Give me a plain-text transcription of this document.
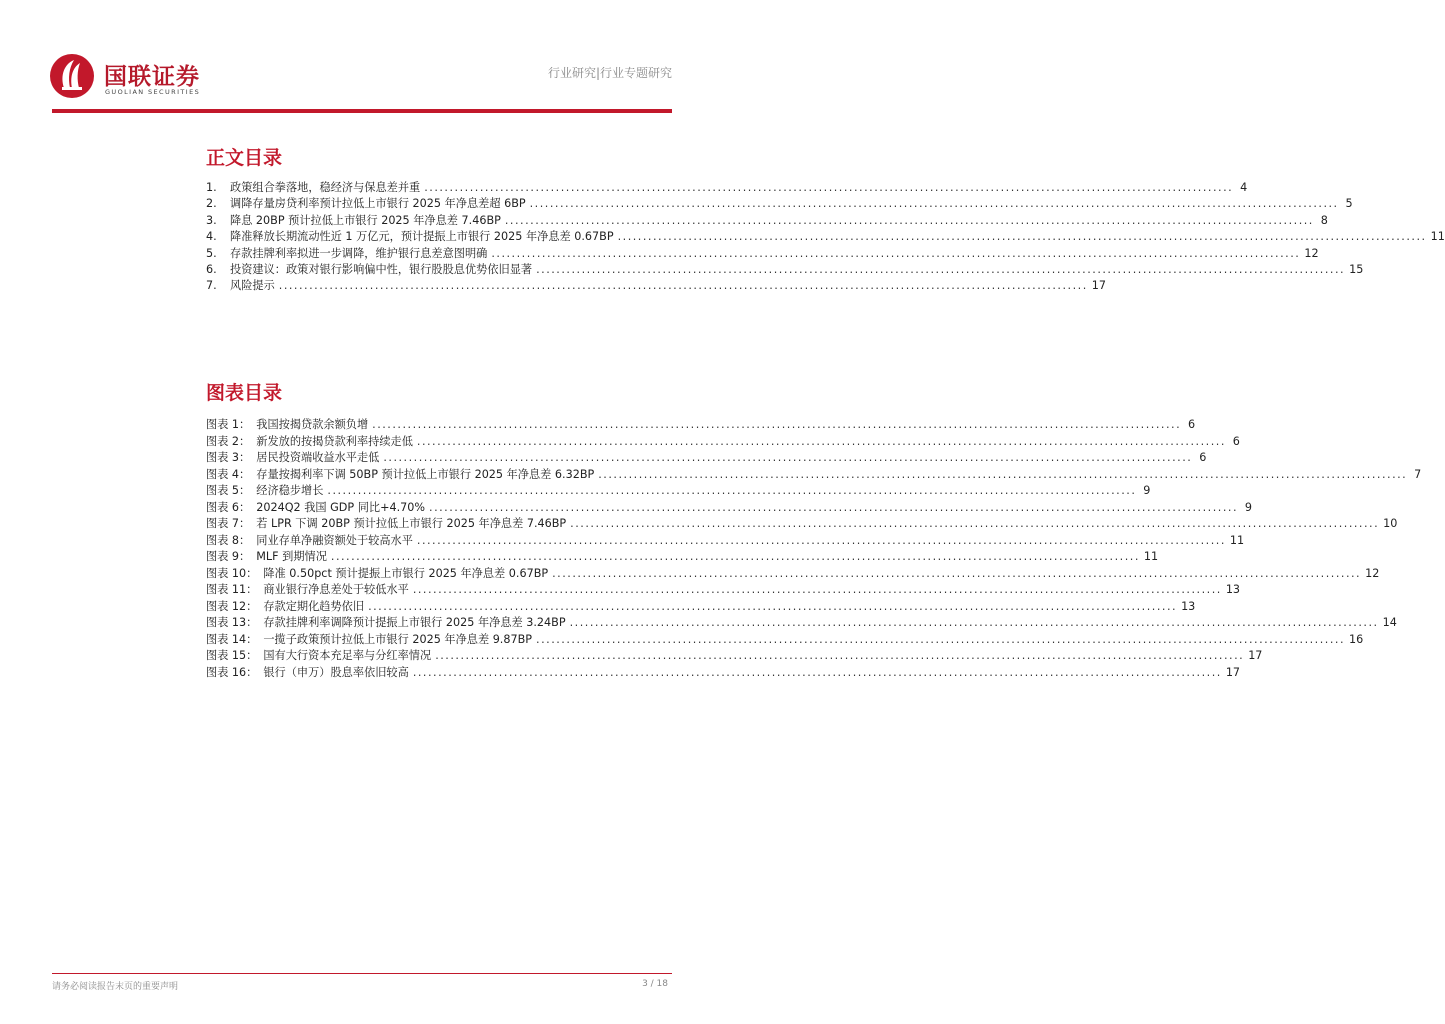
国联证券
GUOLIAN SECURITIES
行业研究|行业专题研究
正文目录
1.	政策组合拳落地，稳经济与保息差并重 .....	4
2.	调降存量房贷利率预计拉低上市银行 2025 年净息差超 6BP .....	5
3.	降息 20BP 预计拉低上市银行 2025 年净息差 7.46BP .....	8
4.	降准释放长期流动性近 1 万亿元，预计提振上市银行 2025 年净息差 0.67BP .....	11
5.	存款挂牌利率拟进一步调降，维护银行息差意图明确 .....	12
6.	投资建议：政策对银行影响偏中性，银行股股息优势依旧显著 .....	15
7.	风险提示 .....	17
图表目录
图表 1： 我国按揭贷款余额负增 .....	6
图表 2： 新发放的按揭贷款利率持续走低 .....	6
图表 3： 居民投资端收益水平走低 .....	6
图表 4： 存量按揭利率下调 50BP 预计拉低上市银行 2025 年净息差 6.32BP .....	7
图表 5： 经济稳步增长 .....	9
图表 6： 2024Q2 我国 GDP 同比+4.70% .....	9
图表 7： 若 LPR 下调 20BP 预计拉低上市银行 2025 年净息差 7.46BP .....	10
图表 8： 同业存单净融资额处于较高水平 .....	11
图表 9： MLF 到期情况 .....	11
图表 10： 降准 0.50pct 预计提振上市银行 2025 年净息差 0.67BP .....	12
图表 11： 商业银行净息差处于较低水平 .....	13
图表 12： 存款定期化趋势依旧 .....	13
图表 13： 存款挂牌利率调降预计提振上市银行 2025 年净息差 3.24BP .....	14
图表 14： 一揽子政策预计拉低上市银行 2025 年净息差 9.87BP .....	16
图表 15： 国有大行资本充足率与分红率情况 .....	17
图表 16： 银行（申万）股息率依旧较高 .....	17
请务必阅读报告末页的重要声明	3 / 18
